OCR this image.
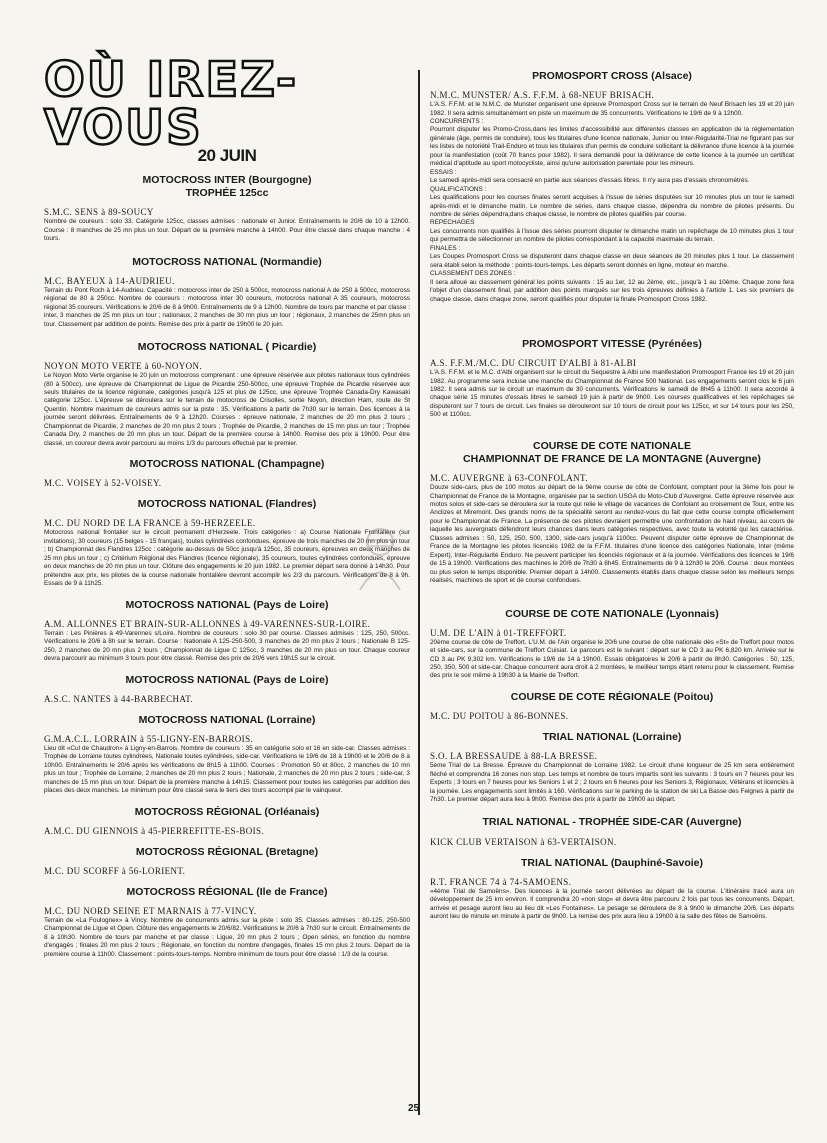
OÙ IREZ-VOUS
20 JUIN
MOTOCROSS INTER (Bourgogne)
TROPHÉE 125cc
S.M.C. SENS à 89-SOUCY

Nombre de coureurs : solo 33. Catégorie 125cc, classes admises : nationale et Junior. Entraînements le 20/6 de 10 à 12h00. Course : 8 manches de 25 mn plus un tour. Départ de la première manche à 14h00. Pour être classé dans chaque manche : 4 tours.

MOTOCROSS NATIONAL (Normandie)
M.C. BAYEUX à 14-AUDRIEU.

Terrain du Pont Roch à 14-Audrieu. Capacité : motocross inter de 250 à 500cc, motocross national A de 250 à 500cc, motocross régional de 80 à 250cc. Nombre de coureurs : motocross inter 30 coureurs, motocross national A 35 coureurs, motocross régional 35 coureurs. Vérifications le 20/6 de 8 à 9h00. Entraînements de 9 à 12h00. Nombre de tours par manche et par classe : inter, 3 manches de 25 mn plus un tour ; nationaux, 2 manches de 30 mn plus un tour ; régionaux, 2 manches de 25mn plus un tour. Classement par addition de points. Remise des prix à partir de 19h00 le 20 juin.

MOTOCROSS NATIONAL ( Picardie)
NOYON MOTO VERTE à 60-NOYON.

Le Noyon Moto Verte organise le 20 juin un motocross comprenant : une épreuve réservée aux pilotes nationaux tous cylindrées (80 à 500cc), une épreuve de Championnat de Ligue de Picardie 250-500cc, une épreuve Trophée de Picardie réservée aux seuls titulaires de la licence régionale, catégories jusqu'à 125 et plus de 125cc, une épreuve Trophée Canada-Dry Kawasaki catégorie 125cc. L'épreuve se déroulera sur le terrain de motocross de Crisolles, sortie Noyon, direction Ham, route de St Quentin. Nombre maximum de coureurs admis sur la piste : 35. Vérifications à partir de 7h30 sur le terrain. Des licences à la journée seront délivrées. Entraînements de 9 à 12h20. Courses : épreuve nationale, 2 manches de 20 mn plus 2 tours ; Championnat de Picardie, 2 manches de 20 mn plus 2 tours ; Trophée de Picardie, 2 manches de 15 mn plus un tour ; Trophée Canada Dry, 2 manches de 20 mn plus un tour. Départ de la première course à 14h00. Remise des prix à 19h00. Pour être classé, un coureur devra avoir parcouru au moins 1/3 du parcours effectué par le premier.

MOTOCROSS NATIONAL (Champagne)
M.C. VOISEY à 52-VOISEY.
MOTOCROSS NATIONAL (Flandres)
M.C. DU NORD DE LA FRANCE à 59-HERZEELE.

Motocross national frontalier sur le circuit permanent d'Herzeele. Trois catégories : a) Course Nationale Frontalière (sur invitations), 30 coureurs (15 belges - 15 français), toutes cylindrées confondues, épreuve de trois manches de 20 mn plus un tour ; b) Championnat des Flandres 125cc : catégorie au-dessus de 50cc jusqu'à 125cc, 35 coureurs, épreuves en deux manches de 25 mn plus un tour ; c) Critérium Régional des Flandres (licence régionale), 35 coureurs, toutes cylindrées confondues, épreuve en deux manches de 20 mn plus un tour. Clôture des engagements le 20 juin 1982. Le premier départ sera donné à 14h30. Pour prétendre aux prix, les pilotes de la course nationale frontalière devront accomplir les 2/3 du parcours. Vérifications de 8 à 9h. Essais de 9 à 11h25.

MOTOCROSS NATIONAL (Pays de Loire)
A.M. ALLONNES ET BRAIN-SUR-ALLONNES à 49-VARENNES-SUR-LOIRE.

Terrain : Les Pinières à 49-Varennes s/Loire. Nombre de coureurs : solo 30 par course. Classes admises : 125, 250, 500cc. Vérifications le 20/6 à 8h sur le terrain. Course : Nationale A 125-250-500, 3 manches de 20 mn plus 2 tours ; Nationale B 125-250, 2 manches de 20 mn plus 2 tours ; Championnat de Ligue C 125cc, 3 manches de 20 mn plus un tour. Chaque coureur devra parcourir au minimum 3 tours pour être classé. Remise des prix de 20/6 vers 19h15 sur le circuit.

MOTOCROSS NATIONAL (Pays de Loire)
A.S.C. NANTES à 44-BARBECHAT.
MOTOCROSS NATIONAL (Lorraine)
G.M.A.C.L. LORRAIN à 55-LIGNY-EN-BARROIS.

Lieu dit «Cul de Chaudron» à Ligny-en-Barrois. Nombre de coureurs : 35 en catégorie solo et 16 en side-car. Classes admises : Trophée de Lorraine toutes cylindrées, Nationale toutes cylindrées, side-car. Vérifications le 19/6 de 18 à 19h00 et le 20/6 de 8 à 10h00. Entraînements le 20/6 après les vérifications de 8h15 à 11h00. Courses : Promotion 50 et 80cc, 2 manches de 10 mn plus un tour ; Trophée de Lorraine, 2 manches de 20 mn plus 2 tours ; Nationale, 2 manches de 20 mn plus 2 tours ; side-car, 3 manches de 15 mn plus un tour. Départ de la première manche à 14h15. Classement pour toutes les catégories par addition des places des deux manches. Le minimum pour être classé sera le tiers des tours accompli par le vainqueur.

MOTOCROSS RÉGIONAL (Orléanais)
A.M.C. DU GIENNOIS à 45-PIERREFITTE-ES-BOIS.
MOTOCROSS RÉGIONAL (Bretagne)
M.C. DU SCORFF à 56-LORIENT.
MOTOCROSS RÉGIONAL (Ile de France)
M.C. DU NORD SEINE ET MARNAIS à 77-VINCY.

Terrain de «La Foulognex» à Vincy. Nombre de concurrents admis sur la piste : solo 35. Classes admises : 80-125, 250-500 Championnat de Ligue et Open. Clôture des engagements le 20/6/82. Vérifications le 20/6 à 7h30 sur le circuit. Entraînements de 8 à 10h30. Nombre de tours par manche et par classe : Ligue, 20 mn plus 2 tours ; Open séries, en fonction du nombre d'engagés ; finales 20 mn plus 2 tours ; Régionale, en fonction du nombre d'engagés, finales 15 mn plus 2 tours. Départ de la première course à 11h00. Classement : points-tours-temps. Nombre minimum de tours pour être classé : 1/3 de la course.

PROMOSPORT CROSS (Alsace)
N.M.C. MUNSTER/ A.S. F.F.M. à 68-NEUF BRISACH.
L'A.S. F.F.M. et le N.M.C. de Munster organisent une épreuve Promosport Cross sur le terrain de Neuf Brisach les 19 et 20 juin 1982. Il sera admis simultanément en piste un maximum de 35 concurrents. Vérifications le 19/6 de 9 à 12h00.
CONCURRENTS :
Pourront disputer les Promo-Cross,dans les limites d'accessibilité aux différentes classes en application de la réglementation générale (âge, permis de conduire), tous les titulaires d'une licence nationale, Junior ou Inter-Régularité-Trial ne figurant pas sur les listes de notoriété Trail-Enduro et tous les titulaires d'un permis de conduire sollicitant la délivrance d'une licence à la journée pour la manifestation (coût 70 francs pour 1982). Il sera demandé pour la délivrance de cette licence à la journée un certificat médical d'aptitude au sport motocycliste, ainsi qu'une autorisation parentale pour les mineurs.
ESSAIS :
Le samedi après-midi sera consacré en partie aux séances d'essais libres. Il n'y aura pas d'essais chronométrés.
QUALIFICATIONS :
Les qualifications pour les courses finales seront acquises à l'issue de séries disputées sur 10 minutes plus un tour le samedi après-midi et le dimanche matin. Le nombre de séries, dans chaque classe, dépendra du nombre de pilotes présents. Du nombre de séries dépendra,dans chaque classe, le nombre de pilotes qualifiés par course.
REPECHAGES
Les concurrents non qualifiés à l'issue des séries pourront disputer le dimanche matin un repêchage de 10 minutes plus 1 tour qui permettra de sélectionner un nombre de pilotes correspondant à la capacité maximale du terrain.
FINALES :
Les Coupes Promosport Cross se disputeront dans chaque classe en deux séances de 20 minutes plus 1 tour. Le classement sera établi selon la méthode : points-tours-temps. Les départs seront donnés en ligne, moteur en marche.
CLASSEMENT DES ZONES :
Il sera alloué au classement général les points suivants : 15 au 1er, 12 au 2ème, etc., jusqu'à 1 au 10ème. Chaque zone fera l'objet d'un classement final, par addition des points marqués sur les trois épreuves définies à l'article 1. Les six premiers de chaque classe, dans chaque zone, seront qualifiés pour disputer la finale Promosport Cross 1982.
PROMOSPORT VITESSE (Pyrénées)
A.S. F.F.M./M.C. DU CIRCUIT D'ALBI à 81-ALBI

L'A.S. F.F.M. et le M.C. d'Albi organisent sur le circuit du Sequestre à Albi une manifestation Promosport France les 19 et 20 juin 1982. Au programme sera incluse une manche du Championnat de France 500 National. Les engagements seront clos le 6 juin 1982. Il sera admis sur le circuit un maximum de 30 concurrents. Vérifications le samedi de 8h45 à 11h00. Il sera accordé à chaque série 15 minutes d'essais libres le samedi 19 juin à partir de 9h00. Les courses qualificatives et les repêchages se disputeront sur 7 tours de circuit. Les finales se dérouleront sur 10 tours de circuit pour les 125cc, et sur 14 tours pour les 250, 500 et 1100cc.

COURSE DE COTE NATIONALE
CHAMPIONNAT DE FRANCE DE LA MONTAGNE (Auvergne)
M.C. AUVERGNE à 63-CONFOLANT.

Douze side-cars, plus de 100 motos au départ de la 9ème course de côte de Confolant, comptant pour la 3ème fois pour le Championnat de France de la Montagne, organisée par la section USGA du Moto-Club d'Auvergne. Cette épreuve réservée aux motos solos et side-cars se déroulera sur la route qui relie le village de vacances de Confolant au croisement de Toux, entre les Anclizes et Miremont. Des grands noms de la spécialité seront au rendez-vous du fait que cette course compte officiellement pour le Championnat de France. La présence de ces pilotes devraient permettre une confrontation de haut niveau, au cours de laquelle les auvergnats défendront leurs chances dans leurs catégories respectives, avec toute la volonté qui les caractérise. Classes admises : 50, 125, 250, 500, 1300, side-cars jusqu'à 1100cc. Peuvent disputer cette épreuve de Championnat de France de la Montagne les pilotes licenciés 1982 de la F.F.M. titulaires d'une licence des catégories Nationale, Inter (même Expert), Inter-Régularité Enduro. Ne peuvent participer les licenciés régionaux et à la journée. Vérifications des licences le 19/6 de 15 à 19h00. Vérifications des machines le 20/6 de 7h30 à 8h45. Entraînements de 9 à 12h30 le 20/6. Course : deux montées ou plus selon le temps disponible. Premier départ à 14h00. Classements établis dans chaque classe selon les meilleurs temps réalisés, machines de sport et de course confondues.

COURSE DE COTE NATIONALE (Lyonnais)
U.M. DE L'AIN à 01-TREFFORT.

20ème course de côte de Treffort. L'U.M. de l'Ain organise le 20/6 une course de côte nationale dès «St» de Treffort pour motos et side-cars, sur la commune de Treffort Cuisiat. Le parcours est le suivant : départ sur le CD 3 au PK 6,820 km. Arrivée sur le CD 3 au PK 9,302 km. Vérifications le 19/6 de 14 à 19h00. Essais obligatoires le 20/6 à partir de 8h30. Catégories : 50, 125, 250, 350, 500 et side-car. Chaque concurrent aura droit à 2 montées, le meilleur temps étant retenu pour le classement. Remise des prix le soir même à 19h30 à la Mairie de Treffort.

COURSE DE COTE RÉGIONALE (Poitou)
M.C. DU POITOU à 86-BONNES.
TRIAL NATIONAL (Lorraine)
S.O. LA BRESSAUDE à 88-LA BRESSE.

5ème Trial de La Bresse. Épreuve du Championnat de Lorraine 1982. Le circuit d'une longueur de 25 km sera entièrement fléché et comprendra 16 zones non stop. Les temps et nombre de tours impartis sont les suivants : 3 tours en 7 heures pour les Experts ; 3 tours en 7 heures pour les Seniors 1 et 2 ; 2 tours en 6 heures pour les Seniors 3, Régionaux, Vétérans et licenciés à la journée. Les engagements sont limités à 160. Vérifications sur le parking de la station de ski La Basse des Feignes à partir de 7h30. Le premier départ aura lieu à 9h00. Remise des prix à partir de 19h00 au départ.

TRIAL NATIONAL - TROPHÉE SIDE-CAR (Auvergne)
KICK CLUB VERTAISON à 63-VERTAISON.
TRIAL NATIONAL (Dauphiné-Savoie)
R.T. FRANCE 74 à 74-SAMOENS.

«4ème Trial de Samoëns». Des licences à la journée seront délivrées au départ de la course. L'itinéraire tracé aura un développement de 25 km environ. Il comprendra 20 «non stop» et devra être parcouru 2 fois par tous les concurrents. Départ, arrivée et pesage auront lieu au lieu dit «Les Fontaines». Le pesage se déroulera de 8 à 9h00 le dimanche 20/6. Les départs auront lieu de minute en minute à partir de 9h00. La remise des prix aura lieu à 19h00 à la salle des fêtes de Samoëns.

25
